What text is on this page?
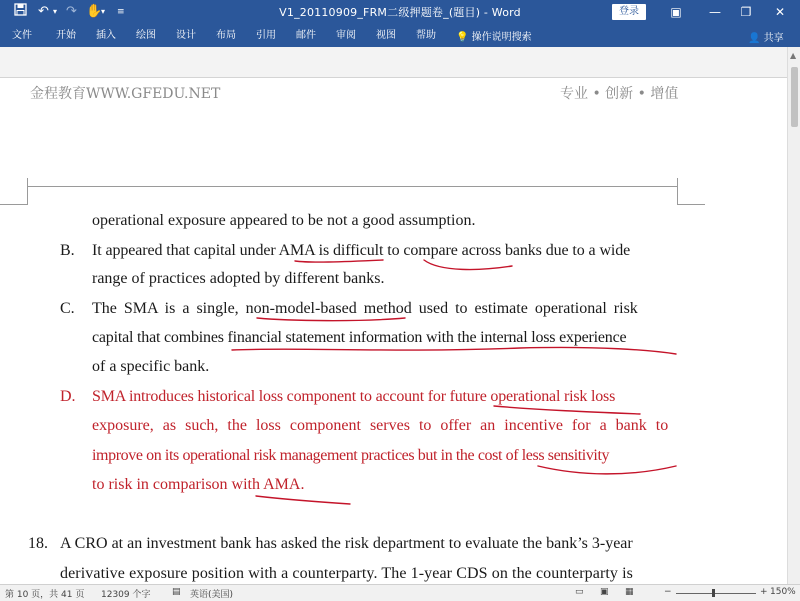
↶ ▾ ↷ ✋
▾ ≡	V1_20110909_FRM二级押题卷_(题目) - Word	登录	▣	—	❐	✕
文件 开始 插入 绘图 设计 布局 引用 邮件 审阅 视图 帮助 💡 操作说明搜索	👤 共享
金程教育WWW.GFEDU.NET	专业 • 创新 • 增值
operational exposure appeared to be not a good assumption.
B. It appeared that capital under AMA is difficult to compare across banks due to a wide
range of practices adopted by different banks.
C. The SMA is a single, non-model-based method used to estimate operational risk
capital that combines financial statement information with the internal loss experience
of a specific bank.
D. SMA introduces historical loss component to account for future operational risk loss
exposure, as such, the loss component serves to offer an incentive for a bank to
improve on its operational risk management practices but in the cost of less sensitivity
to risk in comparison with AMA.
18. A CRO at an investment bank has asked the risk department to evaluate the bank’s 3-year
derivative exposure position with a counterparty. The 1-year CDS on the counterparty is
▲
第 10 页，共 41 页 12309 个字 ▤ 英语(美国)	▭ ▣ ▦	−	+ 150%
